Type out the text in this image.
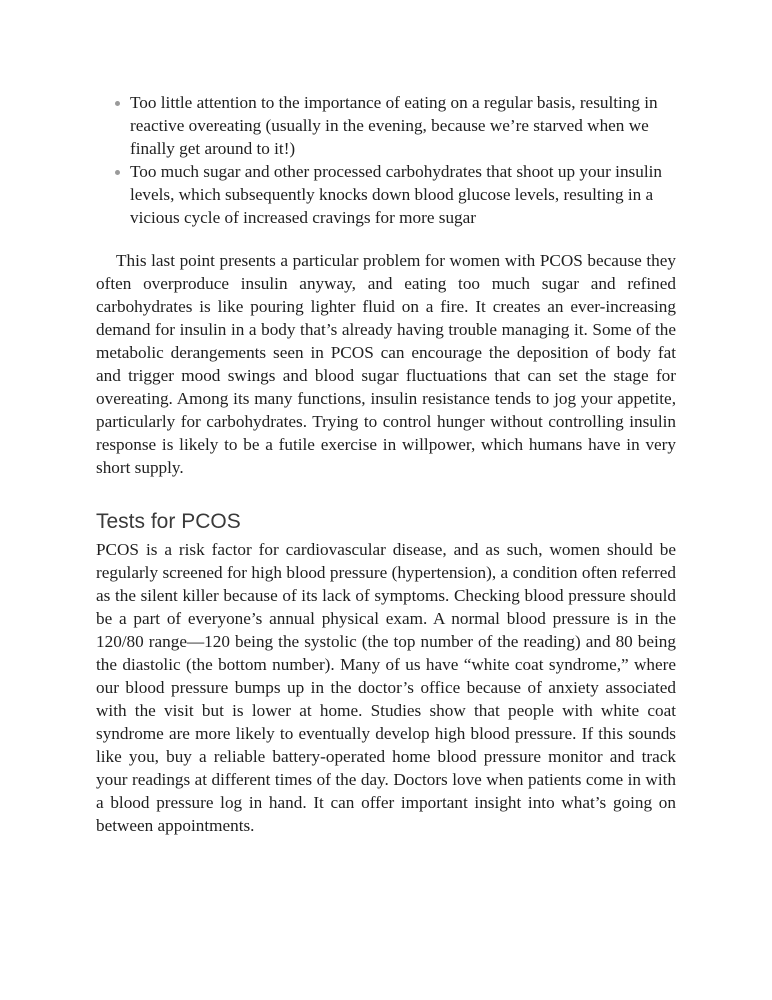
Too little attention to the importance of eating on a regular basis, resulting in reactive overeating (usually in the evening, because we’re starved when we finally get around to it!)
Too much sugar and other processed carbohydrates that shoot up your insulin levels, which subsequently knocks down blood glucose levels, resulting in a vicious cycle of increased cravings for more sugar

This last point presents a particular problem for women with PCOS because they often overproduce insulin anyway, and eating too much sugar and refined carbohydrates is like pouring lighter fluid on a fire. It creates an ever-increasing demand for insulin in a body that’s already having trouble managing it. Some of the metabolic derangements seen in PCOS can encourage the deposition of body fat and trigger mood swings and blood sugar fluctuations that can set the stage for overeating. Among its many functions, insulin resistance tends to jog your appetite, particularly for carbohydrates. Trying to control hunger without controlling insulin response is likely to be a futile exercise in willpower, which humans have in very short supply.

Tests for PCOS

PCOS is a risk factor for cardiovascular disease, and as such, women should be regularly screened for high blood pressure (hypertension), a condition often referred as the silent killer because of its lack of symptoms. Checking blood pressure should be a part of everyone’s annual physical exam. A normal blood pressure is in the 120/80 range—120 being the systolic (the top number of the reading) and 80 being the diastolic (the bottom number). Many of us have “white coat syndrome,” where our blood pressure bumps up in the doctor’s office because of anxiety associated with the visit but is lower at home. Studies show that people with white coat syndrome are more likely to eventually develop high blood pressure. If this sounds like you, buy a reliable battery-operated home blood pressure monitor and track your readings at different times of the day. Doctors love when patients come in with a blood pressure log in hand. It can offer important insight into what’s going on between appointments.
